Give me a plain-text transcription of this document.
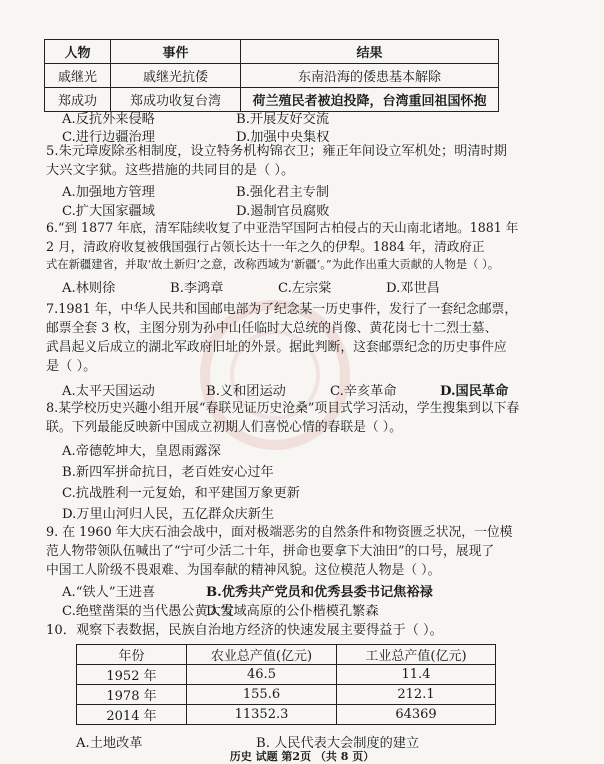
人物	事件	结果
戚继光	戚继光抗倭	东南沿海的倭患基本解除
郑成功	郑成功收复台湾	荷兰殖民者被迫投降，台湾重回祖国怀抱
A.反抗外来侵略	B.开展友好交流
C.进行边疆治理	D.加强中央集权
5.朱元璋废除丞相制度，设立特务机构锦衣卫；雍正年间设立军机处；明清时期
大兴文字狱。这些措施的共同目的是（ ）。
A.加强地方管理	B.强化君主专制
C.扩大国家疆域	D.遏制官员腐败
6.“到 1877 年底，清军陆续收复了中亚浩罕国阿古柏侵占的天山南北诸地。1881 年
2 月，清政府收复被俄国强行占领长达十一年之久的伊犁。1884 年，清政府正
式在新疆建省，并取‘故土新归’之意，改称西域为‘新疆’。”为此作出重大贡献的人物是（ ）。
A.林则徐	B.李鸿章	C.左宗棠	D.邓世昌
7.1981 年，中华人民共和国邮电部为了纪念某一历史事件，发行了一套纪念邮票，
邮票全套 3 枚，主图分别为孙中山任临时大总统的肖像、黄花岗七十二烈士墓、
武昌起义后成立的湖北军政府旧址的外景。据此判断，这套邮票纪念的历史事件应
是（ ）。
A.太平天国运动	B.义和团运动	C.辛亥革命	D.国民革命
8.某学校历史兴趣小组开展“春联见证历史沧桑”项目式学习活动，学生搜集到以下春
联。下列最能反映新中国成立初期人们喜悦心情的春联是（ ）。
A.帝德乾坤大，皇恩雨露深
B.新四军拼命抗日，老百姓安心过年
C.抗战胜利一元复始，和平建国万象更新
D.万里山河归人民，五亿群众庆新生
9. 在 1960 年大庆石油会战中，面对极端恶劣的自然条件和物资匮乏状况，一位模
范人物带领队伍喊出了“宁可少活二十年，拼命也要拿下大油田”的口号，展现了
中国工人阶级不畏艰难、为国奉献的精神风貌。这位模范人物是（ ）。
10．观察下表数据，民族自治地方经济的快速发展主要得益于（ ）。
年份	农业总产值(亿元)	工业总产值(亿元)
1952 年	46.5	11.4
1978 年	155.6	212.1
2014 年	11352.3	64369
A.土地改革	B. 人民代表大会制度的建立
历史 试题 第2页 （共 8 页）
A.“铁人”王进喜	B.优秀共产党员和优秀县委书记焦裕禄
C.绝壁凿渠的当代愚公黄大发
D.雪域高原的公仆楷模孔繁森
